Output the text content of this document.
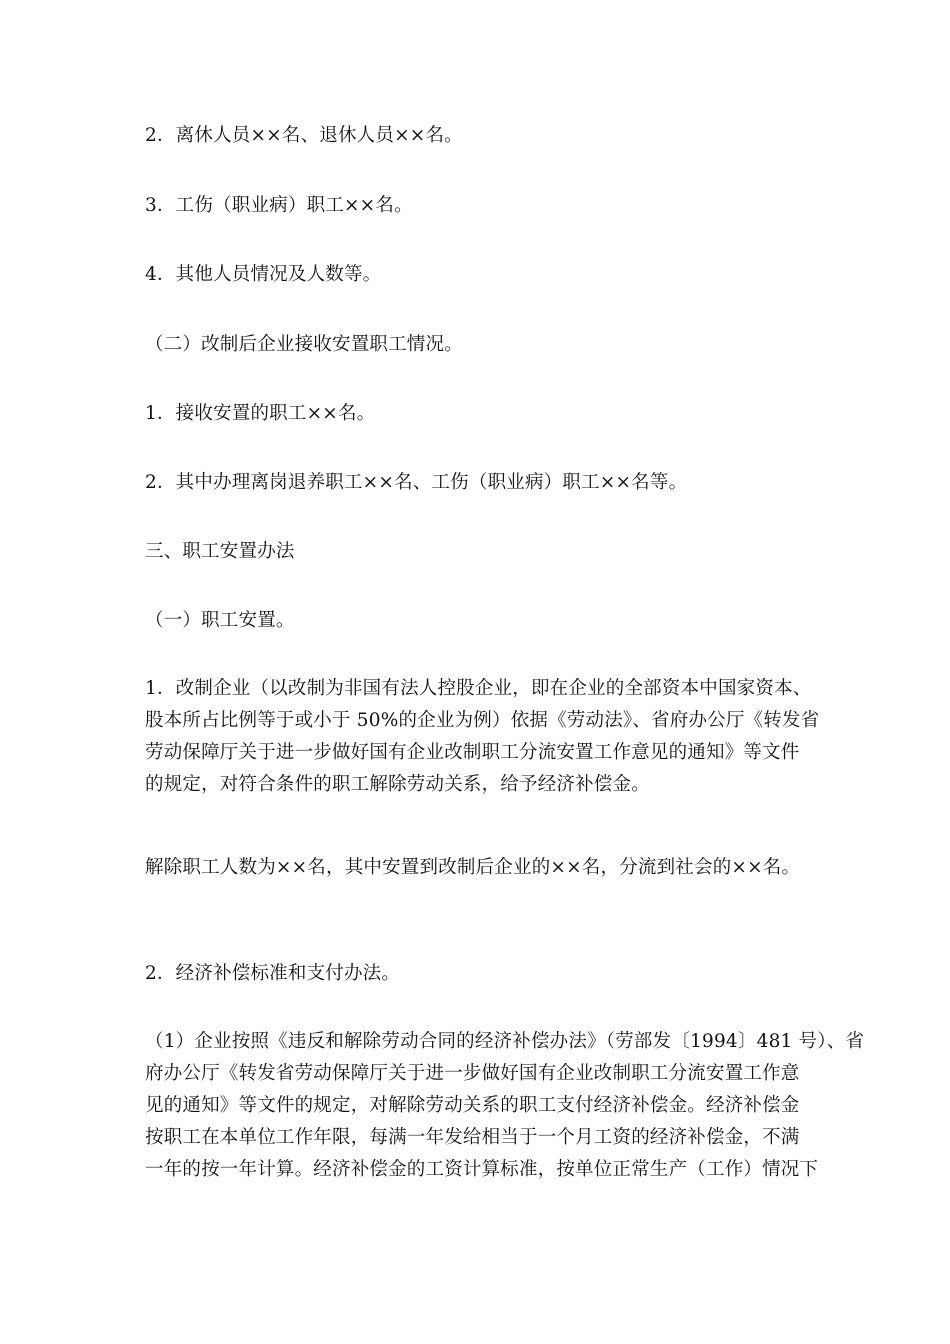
2．离休人员××名、退休人员××名。
3．工伤（职业病）职工××名。
4．其他人员情况及人数等。
（二）改制后企业接收安置职工情况。
1．接收安置的职工××名。
2．其中办理离岗退养职工××名、工伤（职业病）职工××名等。
三、职工安置办法
（一）职工安置。
1．改制企业（以改制为非国有法人控股企业，即在企业的全部资本中国家资本、
股本所占比例等于或小于 50%的企业为例）依据《劳动法》、省府办公厅《转发省
劳动保障厅关于进一步做好国有企业改制职工分流安置工作意见的通知》等文件
的规定，对符合条件的职工解除劳动关系，给予经济补偿金。
解除职工人数为××名，其中安置到改制后企业的××名，分流到社会的××名。
2．经济补偿标准和支付办法。
（1）企业按照《违反和解除劳动合同的经济补偿办法》（劳部发〔1994〕481 号）、省
府办公厅《转发省劳动保障厅关于进一步做好国有企业改制职工分流安置工作意
见的通知》等文件的规定，对解除劳动关系的职工支付经济补偿金。经济补偿金
按职工在本单位工作年限，每满一年发给相当于一个月工资的经济补偿金，不满
一年的按一年计算。经济补偿金的工资计算标准，按单位正常生产（工作）情况下
